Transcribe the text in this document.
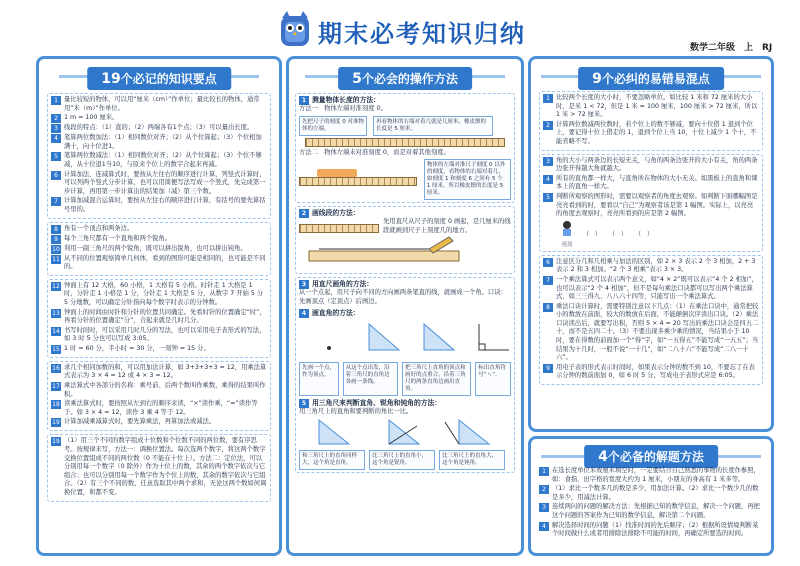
期末必考知识归纳	数学二年级　上　RJ
19个必记的知识要点
1 量比较短的物体，可以用“厘米（cm）”作单位；量比较长的物体，通常用“米（m）”作单位。
2 1 m = 100 厘米。
3 线段的特点：（1）直的；（2）两端各有1个点；（3）可以量出长度。
4 笔算两位数加法：（1）相同数位对齐；（2）从个位算起；（3）个位相加满十，向十位进1。
5 笔算两位数减法：（1）相同数位对齐；（2）从个位算起；（3）个位不够减，从十位退1当10，与原来个位上的数字合起来再减。
6 计算加法、连减算式时，要按从左往右的顺序进行计算，列竖式计算时，可以列两个竖式分步计算，也可以用简便写法写成一个竖式，先完成第一步计算，再用第一步计算出的结果加（减）第三个数。
7 计算加减混合运算时，要按从左往右的顺序进行计算，有括号的要先算括号里的。
8 角有一个顶点和两条边。
9 每个三角尺都有一个直角和两个锐角。
10 利用一副三角尺的两个锐角，既可以拼出锐角，也可以拼出钝角。
11 从不同的位置观察简单几何体，看到的图形可能是相同的，也可能是不同的。
12 钟面上有 12 大格，60 小格，1 大格有 5 小格。时针走 1 大格是 1 时，分针走 1 小格是 1 分，分针走 1 大格是 5 分，从数字 7 开始 5 分 5 分地数，可以确定分针指向每个数字时表示的分钟数。
13 钟面上的时间由时针和分针的位置共同确定。先看时针的位置确定“时”，再看分针的位置确定“分”，合起来就是几时几分。
14 书写时间时，可以采用几时几分的写法，也可以采用电子表形式的写法，如 3 时 5 分也可以写成 3:05。
15 1 时 = 60 分，半小时 = 30 分，一刻钟 = 15 分。
16 求几个相同加数的和，可以用加法计算，如 3+3+3+3 = 12，用乘法算式表示为 3 × 4 = 12 或 4 × 3 = 12。
17 乘法算式中各部分的名称：乘号前、后两个数叫作乘数，乘得的结果叫作积。
18 读乘法算式时，要按照从左到右的顺序来读，“×”读作乘，“=”读作等于。如 3 × 4 = 12，读作 3 乘 4 等于 12。
19 计算加减乘减算式时，要先算乘法，再算加法或减法。
19 （1）用三个不同的数字组成十位数和个位数不同的两位数，要有序思考。按规律来写，方法一：调换位置法。每次选两个数字，将这两个数字交换位置组成不同的两位数（0 不能在十位上）。方法二：定位法，可以分别用每一个数字（0 除外）作为十位上的数，其余的两个数字依次与它组合；也可以分别用每一个数字作为个位上的数，其余的数字依次与它组合。（2）有三个不同的数，任意选取其中两个求和，无论这两个数如何调换位置，和都不变。
5个必会的操作方法
1 测量物体长度的方法：
方法一　物体左端对准刻度 0。
先把尺子的刻度 0 对准物体的左端。
再看物体的右端对着几就是几厘米，橡皮擦的长度是 5 厘米。
方法二　物体左端未对准刻度 0，而是对着其他刻度。
物体的左端对准尺子刻度 0 以外的刻度，看物体的右端对着几，如刻度 1 和刻度 6 之间有 5 个 1 厘米，所以橡皮擦的长度是 5 厘米。
2 画线段的方法：
先用直尺从尺子的刻度 0 画起，是几厘米的线段就画到尺子上刻度几的地方。
3 用直尺画角的方法：
从一个点起，用尺子向不同的方向画两条笔直的线，就画成一个角。口诀：先画顶点（定顶点）后画边。
4 画直角的方法：
先画一个点，作为顶点。
从这个点出发，沿着三角尺的直角边各画一条线。
把三角尺上直角的顶点和画好的点重合，沿着三角尺的两条直角边画出直角。
标出直角符号“ㄣ”。
5 用三角尺来判断直角、锐角和钝角的方法：
用三角尺上的直角和要判断的角比一比。
和三角尺上的直角同样大，这个角是直角。
比三角尺上的直角小，这个角是锐角。
比三角尺上的直角大，这个角是钝角。
9个必纠的易错易混点
1 比较两个长度的大小时，不要忽略单位。如比较 1 米和 72 厘米的大小时，是米 1 < 72，但是 1 米 = 100 厘米，100 厘米 > 72 厘米，所以 1 米 > 72 厘米。
2 计算两位数减两位数时，若个位上的数不够减，要向十位借 1 退到个位上，要记得十位上借走的 1，退到个位上当 10，十位上减少 1 个十，不能省略不写。
3 角的大小与两条边的长短无关，与角的两条边张开的大小有关，角的两条边张开得越大角就越大。
4 所有的直角都一样大，与直角所在物体的大小无关。如黑板上的直角和课本上的直角一样大。
5 判断所观察的图形时，需要以观察者的角度去观察。如判断下面哪幅图是亮亮看到的时，要看以“自己”为观察者该是第 1 幅图。实际上，以亮亮的角度去观察时，亮亮所看到的应是第 2 幅图。
亮亮
（　） （　） （　）
6 注意区分几和几相乘与加法的区别，如 2 × 3 表示 2 个 3 相加，2 + 3 表示 2 和 3 相加。“2 个 3 相乘”表示 3 × 3。
7 一个乘法算式可以表示两个意义，如“4 × 2”既可以表示“4 个 2 相加”，也可以表示“2 个 4 相加”，但不是每句乘法口诀都可以写出两个乘法算式，如三三得九、八八六十四等，只能写出一个乘法算式。
8 乘法口诀计算时，需要特别注意以下几点：（1）在乘法口诀中，通常把较小的数放在前面，较大的数放在后面，不能颠倒次序读出口诀。（2）乘法口诀读出后，就要写出积，否则 5 × 4 = 20 写出的乘法口诀会是四五二十，而不是五四二十。（3）不要出现多乘少乘的情况，当结果小于 10 时，要在得数的前面加一个“得”字，如“一五得五”不能写成“一五五”；当结果为十几时，一般不说“一十几”，如“二八十六”不能写成“二八一十六”。
9 用电子表的形式表示时间时，如果表示分钟的数不到 10，不要忘了在表示分钟的数前面加 0，如 6 时 5 分，写成电子表形式应是 6:05。
4个必备的解题方法
1 在选长度单位米或厘米填空时，一定要结合自己熟悉的事物的长度作参照，如：食指、田字格的宽度大约为 1 厘米，小朋友的身高有 1 米多等。
2 （1）求比一个数多几的数是多少，用加法计算。（2）求比一个数少几的数是多少，用减法计算。
3 连续两问的问题的解决方法：先根据已知的数学信息，解决一个问题，再把这个问题的答案作为已知的数学信息，解决第二个问题。
4 解决选择时间的问题（1）找准时间的先后顺序；（2）根据所设情境判断某个时间做什么或者用排除法排除不可能的时间，再确定所要选的时间。
